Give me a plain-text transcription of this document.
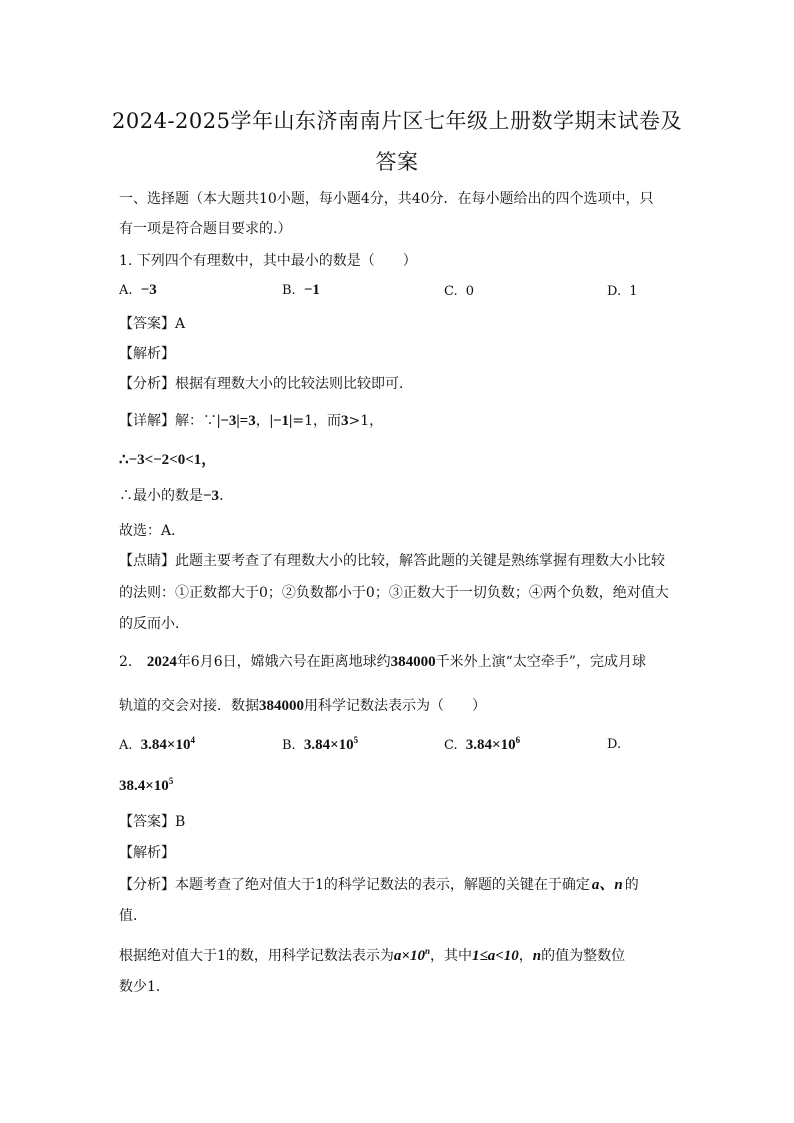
2024-2025学年山东济南南片区七年级上册数学期末试卷及
答案
一、选择题（本大题共10小题，每小题4分，共40分．在每小题给出的四个选项中，只
有一项是符合题目要求的.）
1. 下列四个有理数中，其中最小的数是（　　）
A. −3	B. −1	C. 0	D. 1
【答案】A
【解析】
【分析】根据有理数大小的比较法则比较即可．
【详解】解：∵|−3|=3，|−1|=1，而3>1，
∴−3<−2<0<1，
∴最小的数是−3．
故选：A．
【点睛】此题主要考查了有理数大小的比较，解答此题的关键是熟练掌握有理数大小比较
的法则：①正数都大于0；②负数都小于0；③正数大于一切负数；④两个负数，绝对值大
的反而小．
2. 2024年6月6日，嫦娥六号在距离地球约384000千米外上演“太空牵手”，完成月球
轨道的交会对接．数据384000用科学记数法表示为（　　）
A. $3.84\times 10^4$	B. $3.84\times 10^5$	C. $3.84\times 10^6$	D.
$38.4\times 10^5$
【答案】B
【解析】
【分析】本题考查了绝对值大于1的科学记数法的表示，解题的关键在于确定 a、n 的
值．
根据绝对值大于1的数，用科学记数法表示为$a\times 10^n$，其中1≤a<10，n的值为整数位
数少1．
